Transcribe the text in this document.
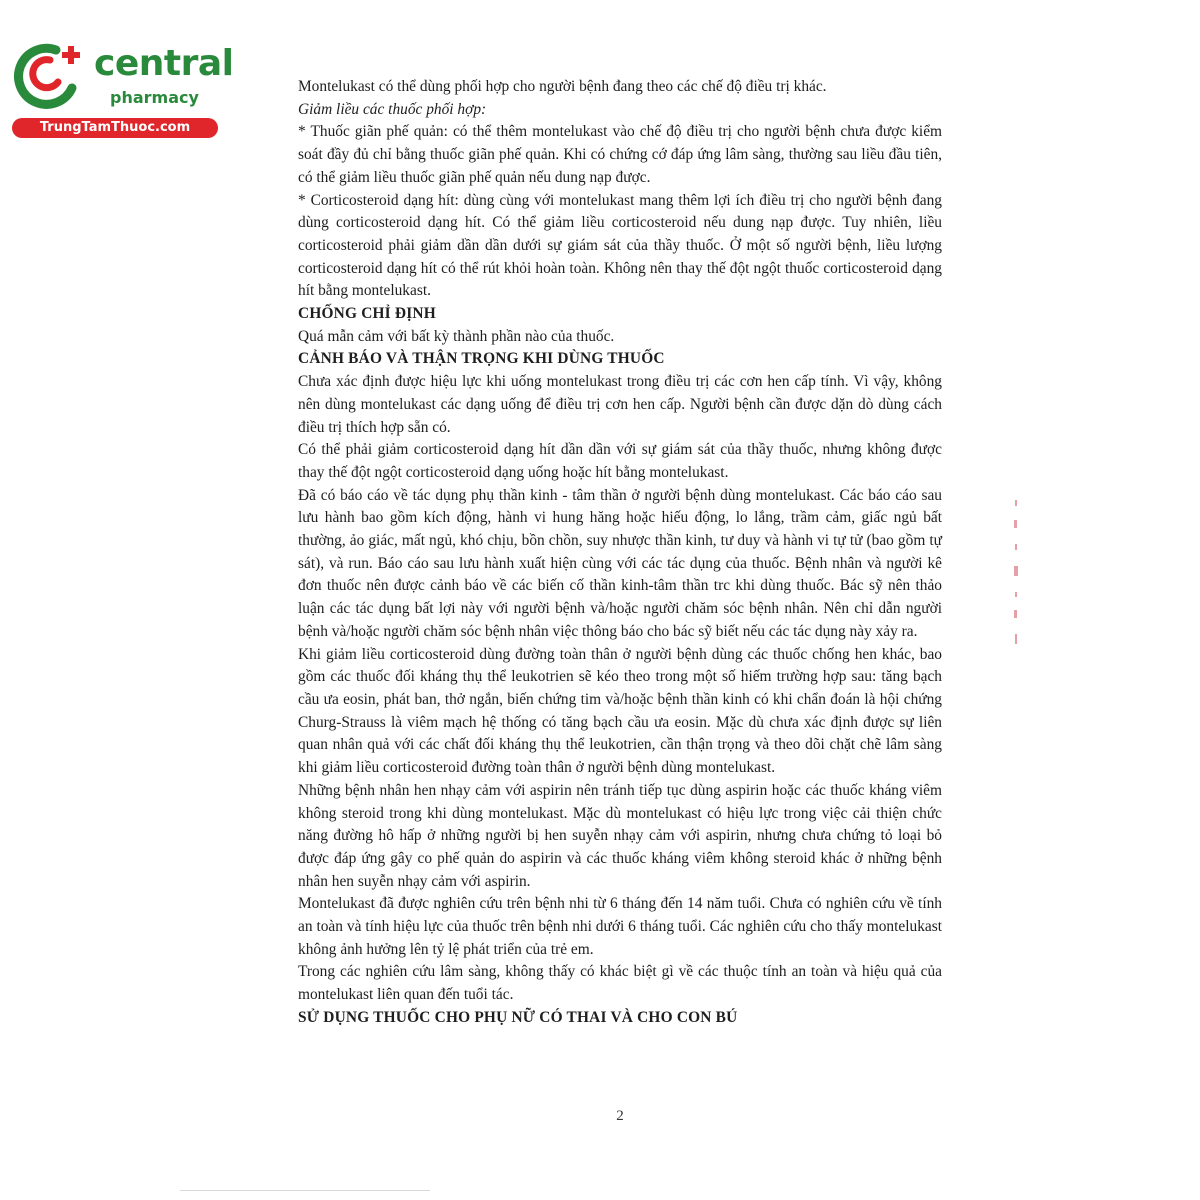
central
pharmacy
TrungTamThuoc.com

Montelukast có thể dùng phối hợp cho người bệnh đang theo các chế độ điều trị khác.

Giảm liều các thuốc phối hợp:

* Thuốc giãn phế quản: có thể thêm montelukast vào chế độ điều trị cho người bệnh chưa được kiểm soát đầy đủ chỉ bằng thuốc giãn phế quản. Khi có chứng cớ đáp ứng lâm sàng, thường sau liều đầu tiên, có thể giảm liều thuốc giãn phế quản nếu dung nạp được.

* Corticosteroid dạng hít: dùng cùng với montelukast mang thêm lợi ích điều trị cho người bệnh đang dùng corticosteroid dạng hít. Có thể giảm liều corticosteroid nếu dung nạp được. Tuy nhiên, liều corticosteroid phải giảm dần dần dưới sự giám sát của thầy thuốc. Ở một số người bệnh, liều lượng corticosteroid dạng hít có thể rút khỏi hoàn toàn. Không nên thay thế đột ngột thuốc corticosteroid dạng hít bằng montelukast.

CHỐNG CHỈ ĐỊNH

Quá mẫn cảm với bất kỳ thành phần nào của thuốc.

CẢNH BÁO VÀ THẬN TRỌNG KHI DÙNG THUỐC

Chưa xác định được hiệu lực khi uống montelukast trong điều trị các cơn hen cấp tính. Vì vậy, không nên dùng montelukast các dạng uống để điều trị cơn hen cấp. Người bệnh cần được dặn dò dùng cách điều trị thích hợp sẵn có.

Có thể phải giảm corticosteroid dạng hít dần dần với sự giám sát của thầy thuốc, nhưng không được thay thế đột ngột corticosteroid dạng uống hoặc hít bằng montelukast.

Đã có báo cáo về tác dụng phụ thần kinh - tâm thần ở người bệnh dùng montelukast. Các báo cáo sau lưu hành bao gồm kích động, hành vi hung hăng hoặc hiếu động, lo lắng, trầm cảm, giấc ngủ bất thường, ảo giác, mất ngủ, khó chịu, bồn chồn, suy nhược thần kinh, tư duy và hành vi tự tử (bao gồm tự sát), và run. Báo cáo sau lưu hành xuất hiện cùng với các tác dụng của thuốc. Bệnh nhân và người kê đơn thuốc nên được cảnh báo về các biến cố thần kinh-tâm thần trc khi dùng thuốc. Bác sỹ nên thảo luận các tác dụng bất lợi này với người bệnh và/hoặc người chăm sóc bệnh nhân. Nên chỉ dẫn người bệnh và/hoặc người chăm sóc bệnh nhân việc thông báo cho bác sỹ biết nếu các tác dụng này xảy ra.

Khi giảm liều corticosteroid dùng đường toàn thân ở người bệnh dùng các thuốc chống hen khác, bao gồm các thuốc đối kháng thụ thể leukotrien sẽ kéo theo trong một số hiếm trường hợp sau: tăng bạch cầu ưa eosin, phát ban, thở ngắn, biến chứng tim và/hoặc bệnh thần kinh có khi chẩn đoán là hội chứng Churg-Strauss là viêm mạch hệ thống có tăng bạch cầu ưa eosin. Mặc dù chưa xác định được sự liên quan nhân quả với các chất đối kháng thụ thể leukotrien, cần thận trọng và theo dõi chặt chẽ lâm sàng khi giảm liều corticosteroid đường toàn thân ở người bệnh dùng montelukast.

Những bệnh nhân hen nhạy cảm với aspirin nên tránh tiếp tục dùng aspirin hoặc các thuốc kháng viêm không steroid trong khi dùng montelukast. Mặc dù montelukast có hiệu lực trong việc cải thiện chức năng đường hô hấp ở những người bị hen suyễn nhạy cảm với aspirin, nhưng chưa chứng tỏ loại bỏ được đáp ứng gây co phế quản do aspirin và các thuốc kháng viêm không steroid khác ở những bệnh nhân hen suyễn nhạy cảm với aspirin.

Montelukast đã được nghiên cứu trên bệnh nhi từ 6 tháng đến 14 năm tuổi. Chưa có nghiên cứu về tính an toàn và tính hiệu lực của thuốc trên bệnh nhi dưới 6 tháng tuổi. Các nghiên cứu cho thấy montelukast không ảnh hưởng lên tỷ lệ phát triển của trẻ em.

Trong các nghiên cứu lâm sàng, không thấy có khác biệt gì về các thuộc tính an toàn và hiệu quả của montelukast liên quan đến tuổi tác.

SỬ DỤNG THUỐC CHO PHỤ NỮ CÓ THAI VÀ CHO CON BÚ
2
